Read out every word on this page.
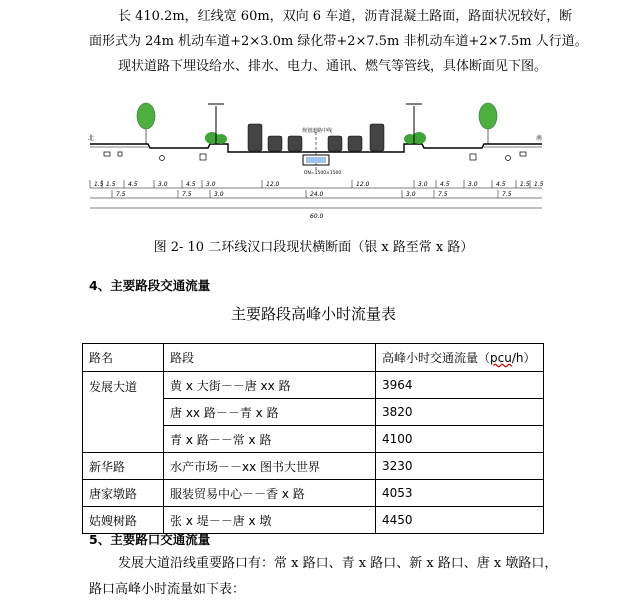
长 410.2m，红线宽 60m，双向 6 车道，沥青混凝土路面，路面状况较好，断
面形式为 24m 机动车道+2×3.0m 绿化带+2×7.5m 非机动车道+2×7.5m 人行道。
现状道路下埋设给水、排水、电力、通讯、燃气等管线，具体断面见下图。
规划道路中线
DN=1500×1500
北	南
1.5 1.5 4.5	3.0	4.5 3.0	12.0	12.0	3.0 4.5	3.0	4.5 1.5 1.5
7.5	7.5	3.0	24.0	3.0	7.5	7.5
60.0
图 2- 10 二环线汉口段现状横断面（银 x 路至常 x 路）
4、主要路段交通流量
主要路段高峰小时流量表
路名	路段	高峰小时交通流量（pcu/h）
发展大道	黄 x 大街－－唐 xx 路	3964
	唐 xx 路－－青 x 路	3820
	青 x 路－－常 x 路	4100
新华路	水产市场－－xx 图书大世界	3230
唐家墩路	服装贸易中心－－香 x 路	4053
姑嫂树路	张 x 堤－－唐 x 墩	4450
5、主要路口交通流量
发展大道沿线重要路口有：常 x 路口、青 x 路口、新 x 路口、唐 x 墩路口，
路口高峰小时流量如下表：
